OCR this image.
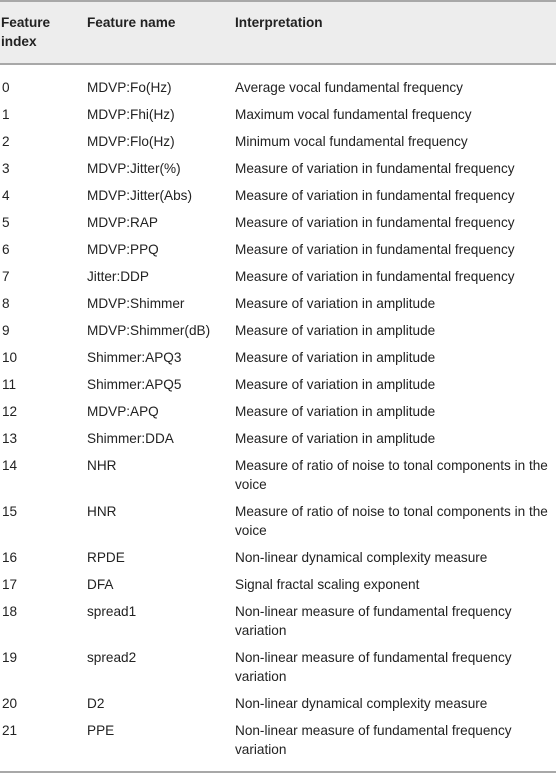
Feature index	Feature name	Interpretation
0	MDVP:Fo(Hz)	Average vocal fundamental frequency
1	MDVP:Fhi(Hz)	Maximum vocal fundamental frequency
2	MDVP:Flo(Hz)	Minimum vocal fundamental frequency
3	MDVP:Jitter(%)	Measure of variation in fundamental frequency
4	MDVP:Jitter(Abs)	Measure of variation in fundamental frequency
5	MDVP:RAP	Measure of variation in fundamental frequency
6	MDVP:PPQ	Measure of variation in fundamental frequency
7	Jitter:DDP	Measure of variation in fundamental frequency
8	MDVP:Shimmer	Measure of variation in amplitude
9	MDVP:Shimmer(dB)	Measure of variation in amplitude
10	Shimmer:APQ3	Measure of variation in amplitude
11	Shimmer:APQ5	Measure of variation in amplitude
12	MDVP:APQ	Measure of variation in amplitude
13	Shimmer:DDA	Measure of variation in amplitude
14	NHR	Measure of ratio of noise to tonal components in the voice
15	HNR	Measure of ratio of noise to tonal components in the voice
16	RPDE	Non-linear dynamical complexity measure
17	DFA	Signal fractal scaling exponent
18	spread1	Non-linear measure of fundamental frequency variation
19	spread2	Non-linear measure of fundamental frequency variation
20	D2	Non-linear dynamical complexity measure
21	PPE	Non-linear measure of fundamental frequency variation
